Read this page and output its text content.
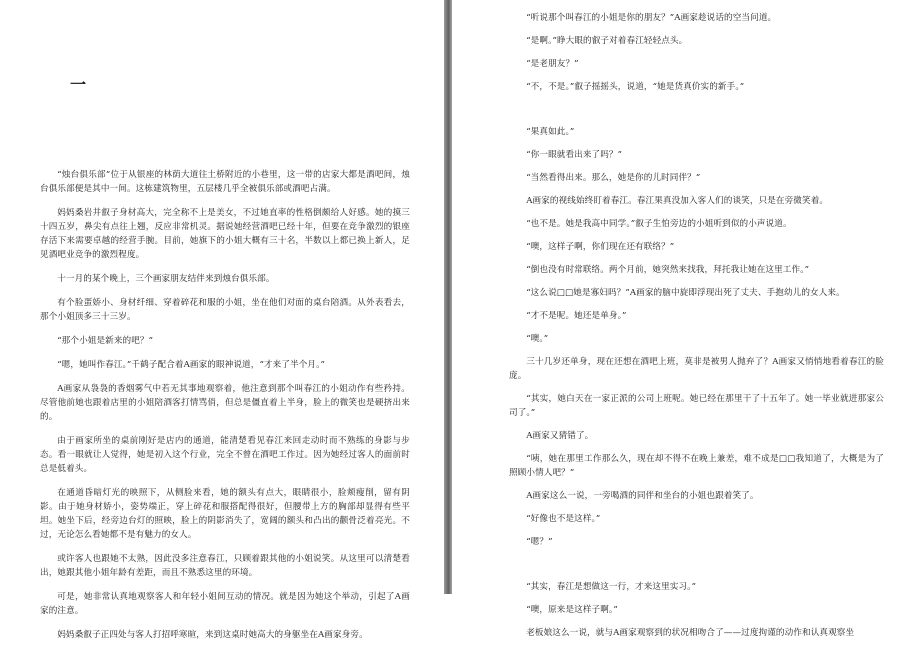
一

“烛台俱乐部”位于从银座的林荫大道往土桥附近的小巷里，这一带的店家大都是酒吧间，烛台俱乐部便是其中一间。这栋建筑物里，五层楼几乎全被俱乐部或酒吧占满。

妈妈桑岩井叡子身材高大，完全称不上是美女，不过她直率的性格倒颇给人好感。她的摸三十四五岁，鼻尖有点往上翘，反应非常机灵。据说她经营酒吧已经十年，但要在竞争激烈的银座存活下来需要卓越的经营手腕。目前，她旗下的小姐大概有三十名，半数以上都已换上新人，足见酒吧业竞争的激烈程度。

十一月的某个晚上，三个画家朋友结伴来到烛台俱乐部。

有个脸蛋娇小、身材纤细、穿着碎花和服的小姐，坐在他们对面的桌台陪酒。从外表看去，那个小姐顶多三十三岁。

“那个小姐是新来的吧？”

“嗯，她叫作春江。”千鹤子配合着A画家的眼神说道，“才来了半个月。”

A画家从袅袅的香烟雾气中若无其事地观察着，他注意到那个叫春江的小姐动作有些矜持。尽管他前她也跟着店里的小姐陪酒客打情骂俏，但总是僵直着上半身，脸上的微笑也是硬挤出来的。

由于画家所坐的桌前刚好是店内的通道，能清楚看见春江来回走动时而不熟练的身影与步态。看一眼就让人觉得，她是初入这个行业，完全不曾在酒吧工作过。因为她经过客人的面前时总是低着头。

在通道昏暗灯光的映照下，从侧脸来看，她的额头有点大，眼睛很小，脸颊瘦削，留有阴影。由于她身材娇小，姿势端正，穿上碎花和服搭配得很好，但腰带上方的胸部却显得有些平坦。她坐下后，经旁边台灯的照映，脸上的阴影消失了，宽阔的额头和凸出的颧骨泛着亮光。不过，无论怎么看她都不是有魅力的女人。

或许客人也跟她不太熟，因此没多注意春江，只顾着跟其他的小姐说笑。从这里可以清楚看出，她跟其他小姐年龄有差距，而且不熟悉这里的环境。

可是，她非常认真地观察客人和年轻小姐间互动的情况。就是因为她这个举动，引起了A画家的注意。

妈妈桑叡子正四处与客人打招呼寒暄，来到这桌时她高大的身躯坐在A画家身旁。

“听说那个叫春江的小姐是你的朋友？”A画家趁说话的空当问道。

“是啊。”睁大眼的叡子对着春江轻轻点头。

“是老朋友？”

“不，不是。”叡子摇摇头，说道，“她是货真价实的新手。”

“果真如此。”

“你一眼就看出来了吗？”

“当然看得出来。那么，她是你的儿时同伴？”

A画家的视线始终盯着春江。春江果真没加入客人们的谈笑，只是在旁微笑着。

“也不是。她是我高中同学。”叡子生怕旁边的小姐听到似的小声说道。

“噢，这样子啊，你们现在还有联络？”

“倒也没有时常联络。两个月前，她突然来找我，拜托我让她在这里工作。”

“这么说□□她是寡妇吗？”A画家的脑中旋即浮现出死了丈夫、手抱幼儿的女人来。

“才不是呢。她还是单身。”

“噢。”

三十几岁还单身，现在还想在酒吧上班，莫非是被男人抛弃了？A画家又悄悄地看着春江的脸庞。

“其实，她白天在一家正派的公司上班呢。她已经在那里干了十五年了。她一毕业就进那家公司了。”

A画家又猜错了。

“咦，她在那里工作那么久，现在却不得不在晚上兼差，难不成是□□我知道了，大概是为了照顾小情人吧？”

A画家这么一说，一旁喝酒的同伴和坐台的小姐也跟着笑了。

“好像也不是这样。”

“嗯？”

“其实，春江是想做这一行，才来这里实习。”

“噢，原来是这样子啊。”

老板娘这么一说，就与A画家观察到的状况相吻合了——过度拘谨的动作和认真观察坐
